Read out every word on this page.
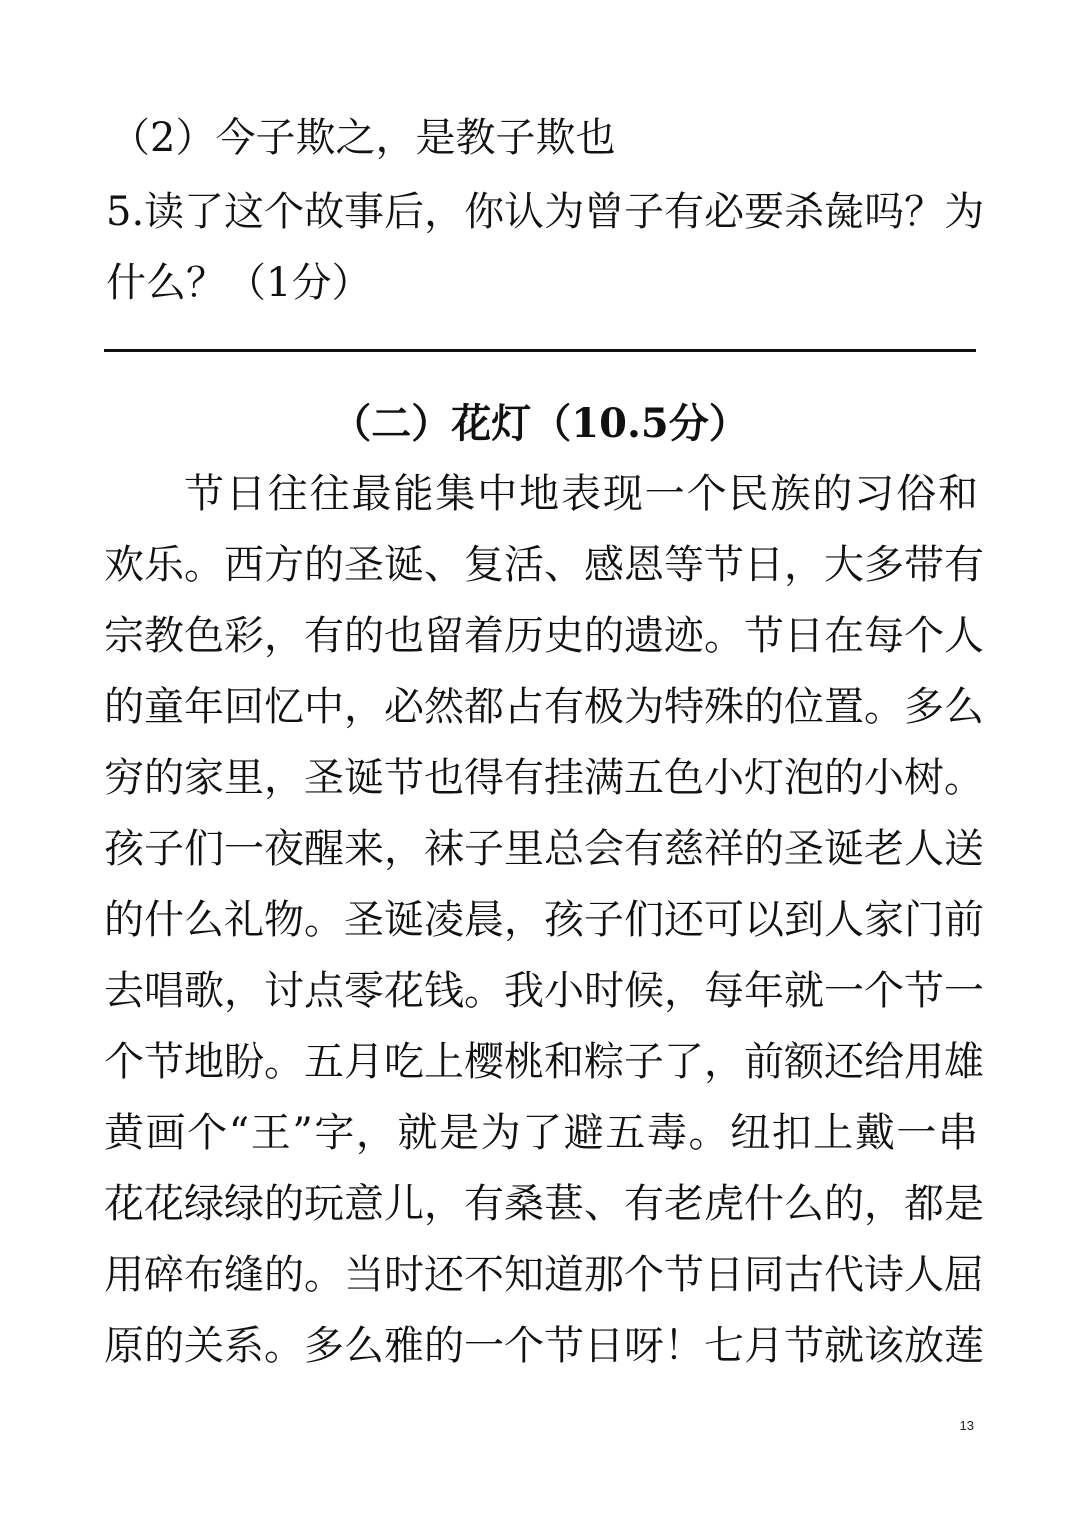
（2）今子欺之，是教子欺也
5.读了这个故事后，你认为曾子有必要杀彘吗？为
什么？（1分）
（二）花灯（10.5分）
节日往往最能集中地表现一个民族的习俗和
欢乐。西方的圣诞、复活、感恩等节日，大多带有
宗教色彩，有的也留着历史的遗迹。节日在每个人
的童年回忆中，必然都占有极为特殊的位置。多么
穷的家里，圣诞节也得有挂满五色小灯泡的小树。
孩子们一夜醒来，袜子里总会有慈祥的圣诞老人送
的什么礼物。圣诞凌晨，孩子们还可以到人家门前
去唱歌，讨点零花钱。我小时候，每年就一个节一
个节地盼。五月吃上樱桃和粽子了，前额还给用雄
黄画个“王”字，就是为了避五毒。纽扣上戴一串
花花绿绿的玩意儿，有桑葚、有老虎什么的，都是
用碎布缝的。当时还不知道那个节日同古代诗人屈
原的关系。多么雅的一个节日呀！七月节就该放莲
13
